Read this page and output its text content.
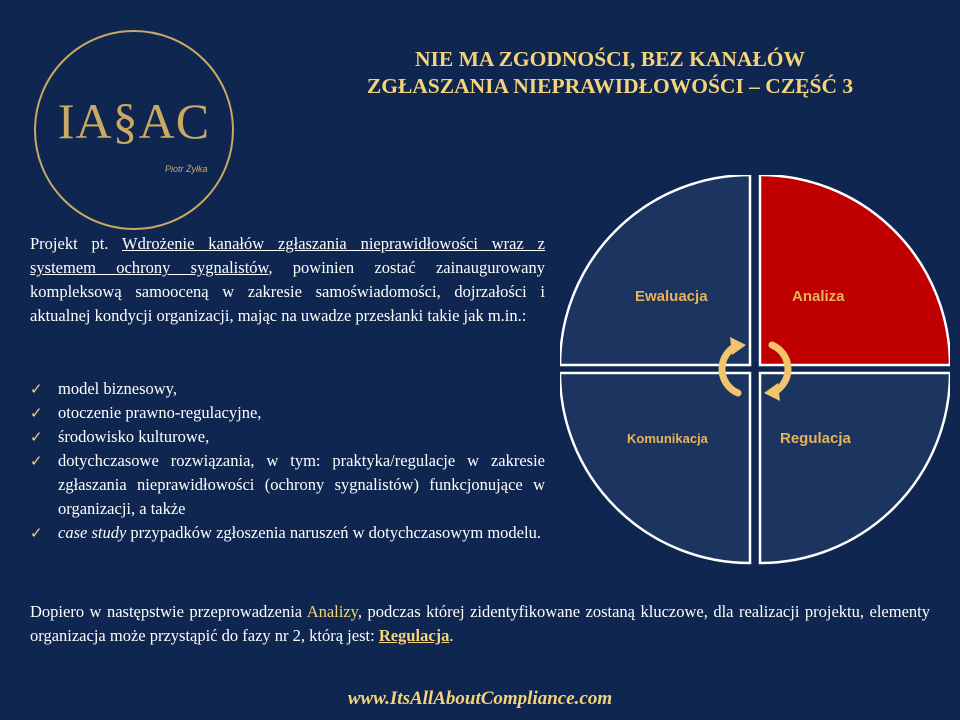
IA§AC
Piotr Żyłka
NIE MA ZGODNOŚCI, BEZ KANAŁÓW
ZGŁASZANIA NIEPRAWIDŁOWOŚCI – CZĘŚĆ 3
Projekt pt. Wdrożenie kanałów zgłaszania nieprawidłowości wraz z systemem ochrony sygnalistów, powinien zostać zainaugurowany kompleksową samooceną w zakresie samoświadomości, dojrzałości i aktualnej kondycji organizacji, mając na uwadze przesłanki takie jak m.in.:
✓ model biznesowy,
✓ otoczenie prawno-regulacyjne,
✓ środowisko kulturowe,
✓ dotychczasowe rozwiązania, w tym: praktyka/regulacje w zakresie zgłaszania nieprawidłowości (ochrony sygnalistów) funkcjonujące w organizacji, a także
✓ case study przypadków zgłoszenia naruszeń w dotychczasowym modelu.
Ewaluacja	Analiza
Komunikacja	Regulacja
Dopiero w następstwie przeprowadzenia Analizy, podczas której zidentyfikowane zostaną kluczowe, dla realizacji projektu, elementy organizacja może przystąpić do fazy nr 2, którą jest: Regulacja.
www.ItsAllAboutCompliance.com
